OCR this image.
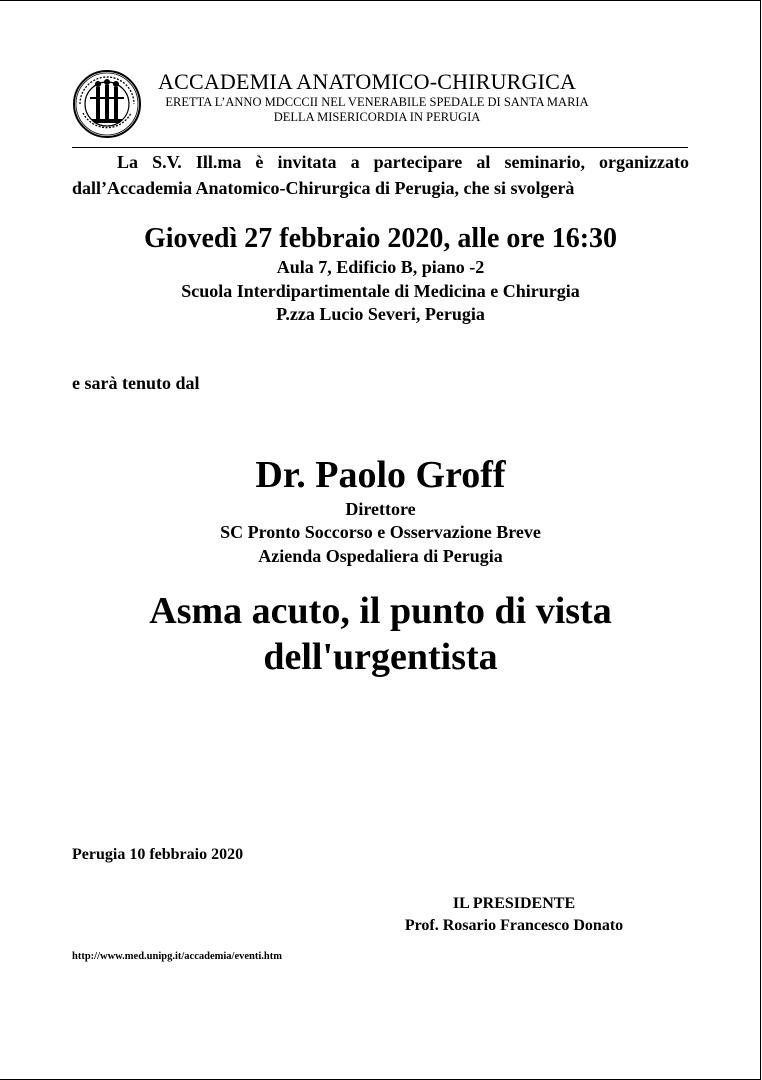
ACCADEMIA ANATOMICO-CHIRURGICA
ERETTA L’ANNO MDCCCII NEL VENERABILE SPEDALE DI SANTA MARIA
DELLA MISERICORDIA IN PERUGIA
La S.V. Ill.ma è invitata a partecipare al seminario, organizzato dall’Accademia Anatomico-Chirurgica di Perugia, che si svolgerà
Giovedì 27 febbraio 2020, alle ore 16:30
Aula 7, Edificio B, piano -2
Scuola Interdipartimentale di Medicina e Chirurgia
P.zza Lucio Severi, Perugia
e sarà tenuto dal
Dr. Paolo Groff
Direttore
SC Pronto Soccorso e Osservazione Breve
Azienda Ospedaliera di Perugia
Asma acuto, il punto di vista
dell'urgentista
Perugia 10 febbraio 2020
IL PRESIDENTE
Prof. Rosario Francesco Donato
http://www.med.unipg.it/accademia/eventi.htm
